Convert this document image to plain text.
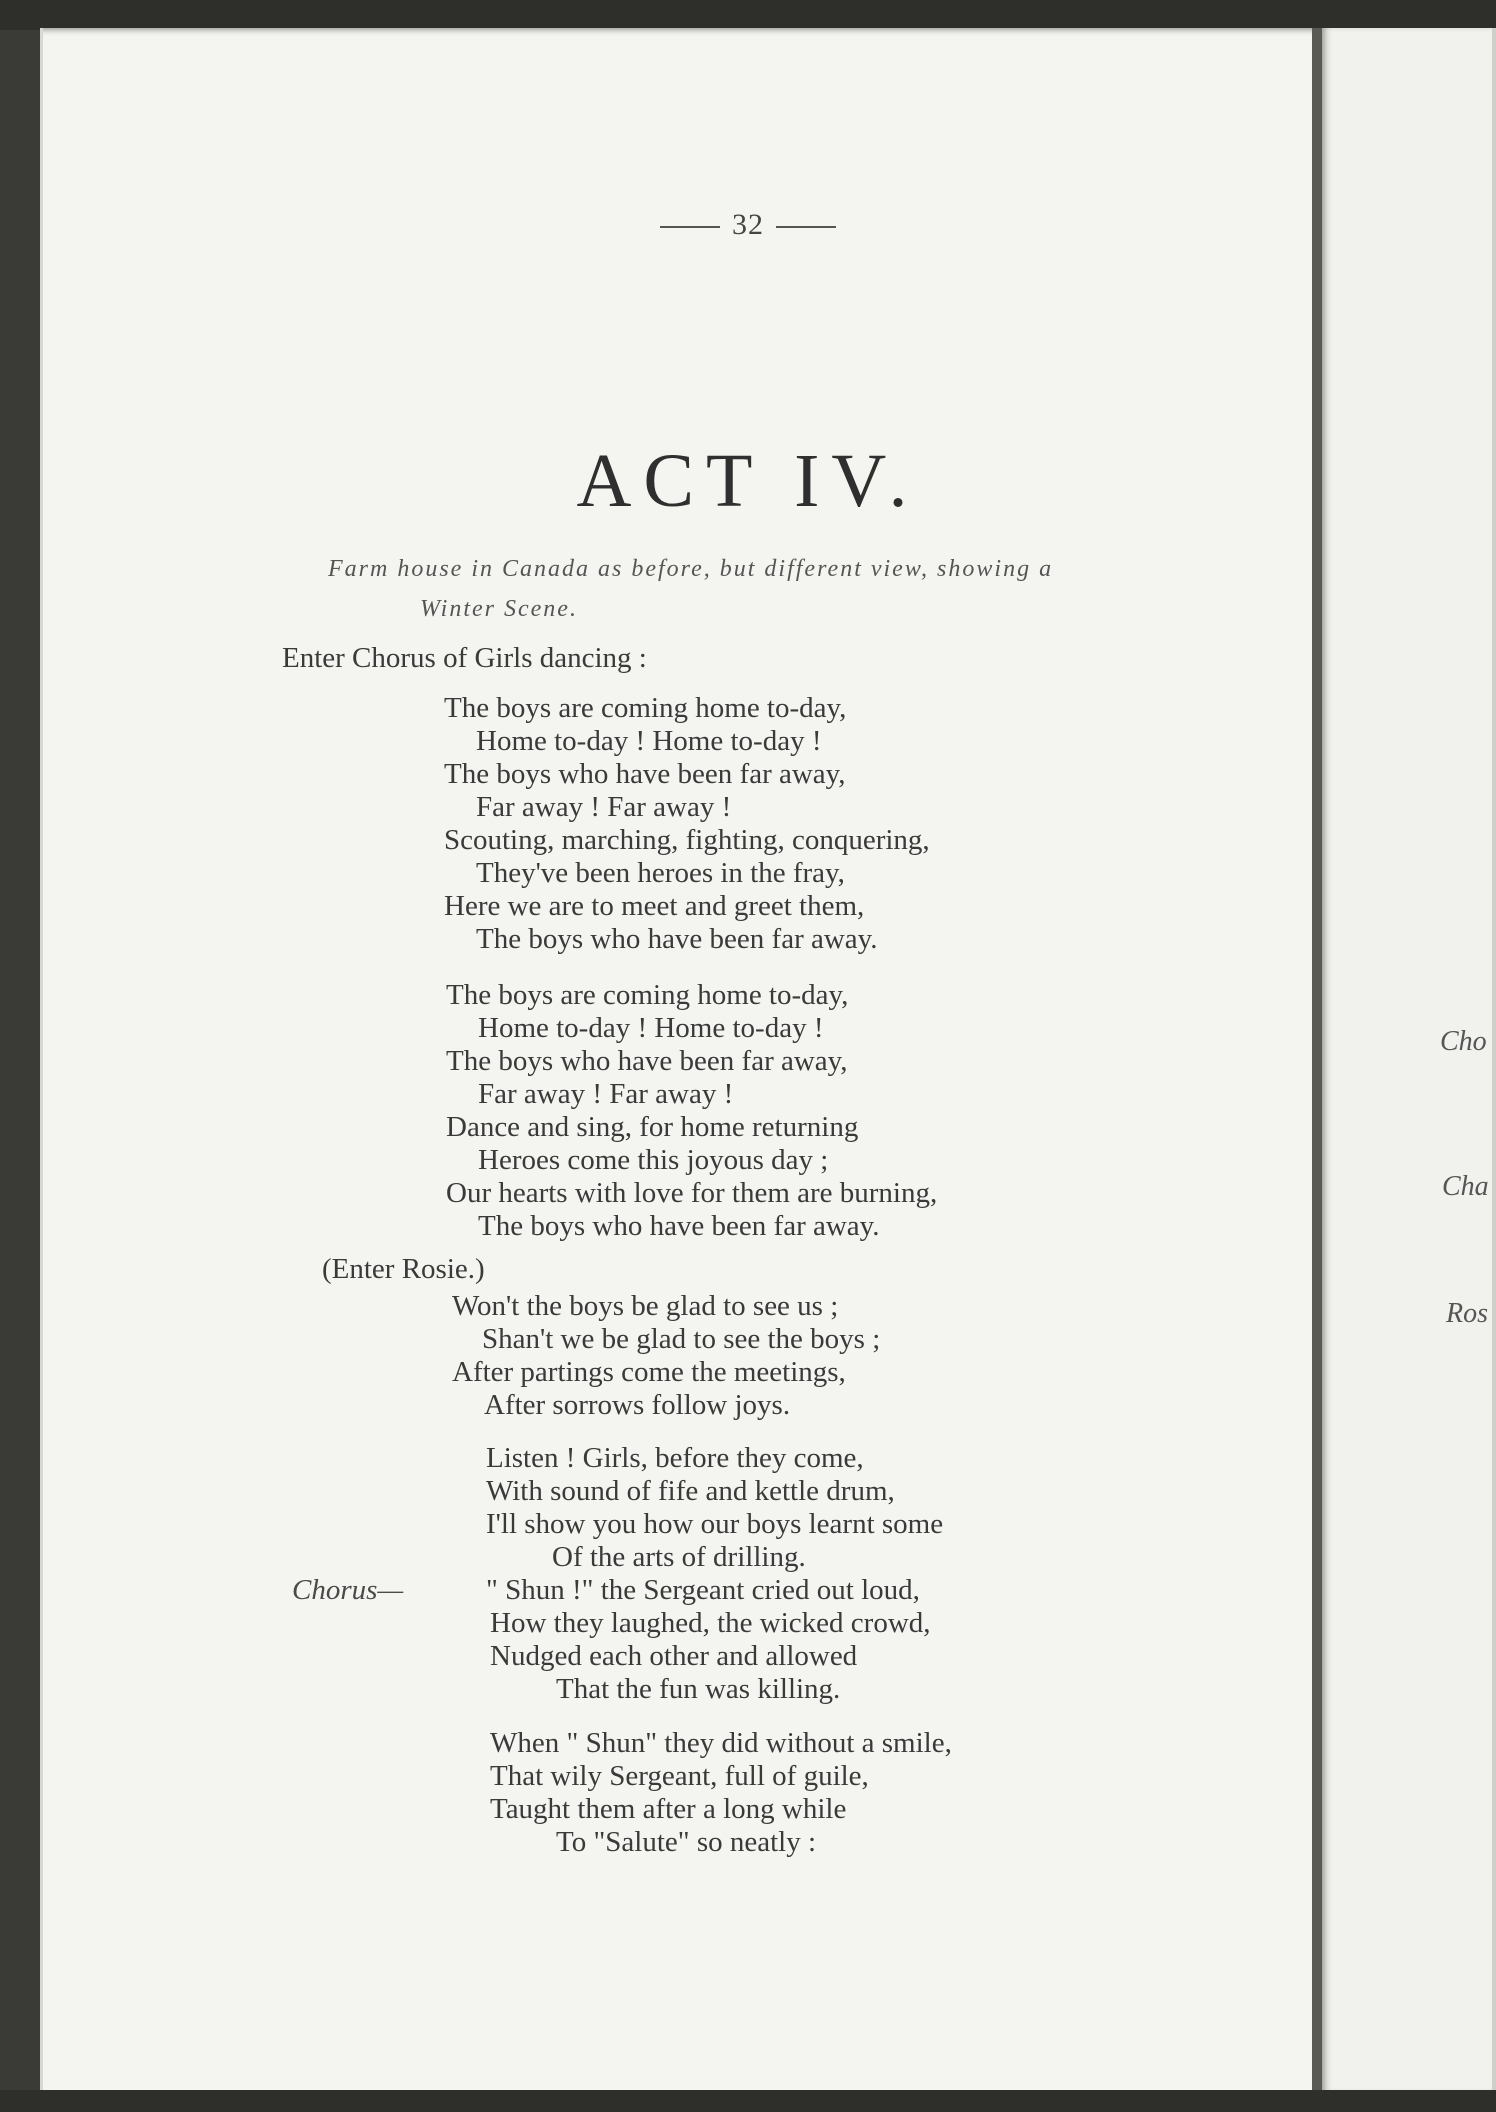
32
ACT IV.
Farm house in Canada as before, but different view, showing a
Winter Scene.
Enter Chorus of Girls dancing :
The boys are coming home to-day,
Home to-day ! Home to-day !
The boys who have been far away,
Far away ! Far away !
Scouting, marching, fighting, conquering,
They've been heroes in the fray,
Here we are to meet and greet them,
The boys who have been far away.
The boys are coming home to-day,
Home to-day ! Home to-day !
The boys who have been far away,
Far away ! Far away !
Dance and sing, for home returning
Heroes come this joyous day ;
Our hearts with love for them are burning,
The boys who have been far away.
(Enter Rosie.)
Won't the boys be glad to see us ;
Shan't we be glad to see the boys ;
After partings come the meetings,
After sorrows follow joys.
Listen ! Girls, before they come,
With sound of fife and kettle drum,
I'll show you how our boys learnt some
Of the arts of drilling.
Chorus—	" Shun !" the Sergeant cried out loud,
How they laughed, the wicked crowd,
Nudged each other and allowed
That the fun was killing.
When " Shun" they did without a smile,
That wily Sergeant, full of guile,
Taught them after a long while
To "Salute" so neatly :
Cho
Cha
Ros
